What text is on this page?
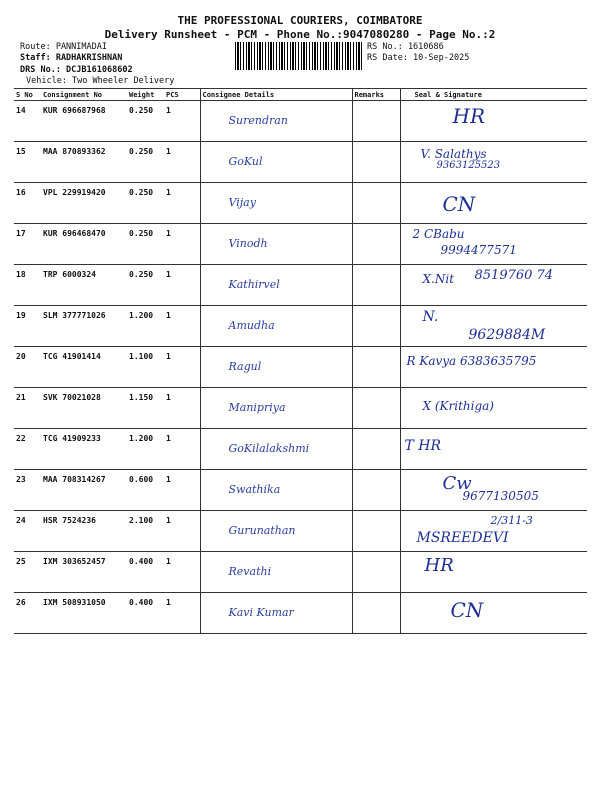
THE PROFESSIONAL COURIERS, COIMBATORE
Delivery Runsheet - PCM - Phone No.:9047080280 - Page No.:2
Route: PANNIMADAI
Staff: RADHAKRISHNAN
DRS No.: DCJB161068602
Vehicle: Two Wheeler Delivery
RS No.: 1610686
RS Date: 10-Sep-2025
S No	Consignment No	Weight	PCS	Consignee Details	Remarks	Seal & Signature
14	KUR 696687968	0.250	1	Surendran		HR

15	MAA 870893362	0.250	1	GoKul		V. Salathys
9363125523

16	VPL 229919420	0.250	1	Vijay		CN

17	KUR 696468470	0.250	1	Vinodh		2 CBabu
9994477571

18	TRP 6000324	0.250	1	Kathirvel		X.Nit 8519760 74

19	SLM 377771026	1.200	1	Amudha		N.
9629884M

20	TCG 41901414	1.100	1	Ragul		R Kavya 6383635795

21	SVK 70021028	1.150	1	Manipriya		X (Krithiga)

22	TCG 41909233	1.200	1	GoKilalakshmi		T HR

23	MAA 708314267	0.600	1	Swathika		Cw
9677130505

24	HSR 7524236	2.100	1	Gurunathan		2/311-3
MSREEDEVI

25	IXM 303652457	0.400	1	Revathi		HR

26	IXM 508931050	0.400	1	Kavi Kumar		CN
